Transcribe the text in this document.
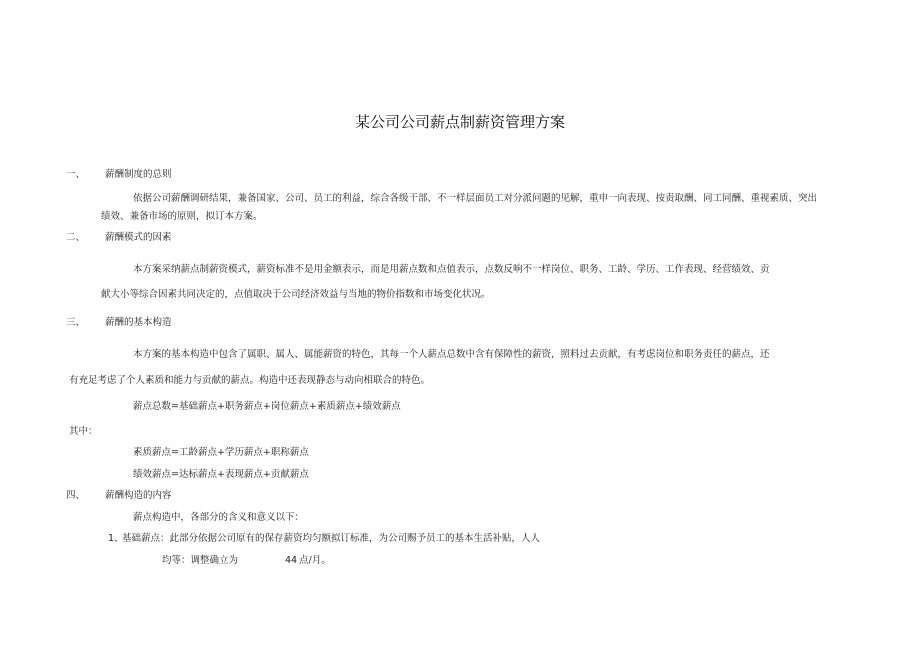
某公司公司薪点制薪资管理方案
一、 薪酬制度的总则
依据公司薪酬调研结果，兼备国家、公司、员工的利益，综合各级干部、不一样层面员工对分派问题的见解，重申一向表现、按责取酬、同工同酬、重视素质、突出
绩效、兼备市场的原则，拟订本方案。
二、 薪酬模式的因素
本方案采纳薪点制薪资模式，薪资标准不是用金额表示，而是用薪点数和点值表示，点数反响不一样岗位、职务、工龄、学历、工作表现、经营绩效、贡
献大小等综合因素共同决定的，点值取决于公司经济效益与当地的物价指数和市场变化状况。
三、 薪酬的基本构造
本方案的基本构造中包含了属职、属人、属能薪资的特色，其每一个人薪点总数中含有保障性的薪资，照料过去贡献，有考虑岗位和职务责任的薪点，还
有充足考虑了个人素质和能力与贡献的薪点。构造中还表现静态与动向相联合的特色。
薪点总数=基础薪点+职务薪点+岗位薪点+素质薪点+绩效薪点
其中：
素质薪点=工龄薪点+学历薪点+职称薪点
绩效薪点=达标薪点+表现薪点+贡献薪点
四、 薪酬构造的内容
薪点构造中，各部分的含义和意义以下：
1、
基础薪点：此部分依据公司原有的保存薪资均匀额拟订标准，为公司赐予员工的基本生活补贴，人人
均等：调整确立为	44 点/月。
